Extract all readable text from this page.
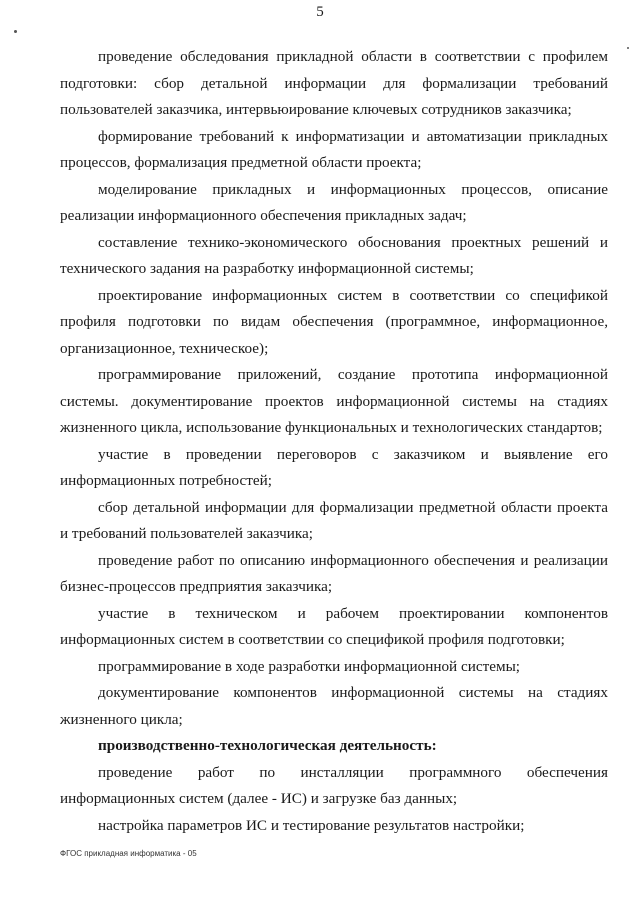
5

проведение обследования прикладной области в соответствии с профилем подготовки: сбор детальной информации для формализации требований пользователей заказчика, интервьюирование ключевых сотрудников заказчика;

формирование требований к информатизации и автоматизации прикладных процессов, формализация предметной области проекта;

моделирование прикладных и информационных процессов, описание реализации информационного обеспечения прикладных задач;

составление технико-экономического обоснования проектных решений и технического задания на разработку информационной системы;

проектирование информационных систем в соответствии со спецификой профиля подготовки по видам обеспечения (программное, информационное, организационное, техническое);

программирование приложений, создание прототипа информационной системы. документирование проектов информационной системы на стадиях жизненного цикла, использование функциональных и технологических стандартов;

участие в проведении переговоров с заказчиком и выявление его информационных потребностей;

сбор детальной информации для формализации предметной области проекта и требований пользователей заказчика;

проведение работ по описанию информационного обеспечения и реализации бизнес-процессов предприятия заказчика;

участие в техническом и рабочем проектировании компонентов информационных систем в соответствии со спецификой профиля подготовки;

программирование в ходе разработки информационной системы;

документирование компонентов информационной системы на стадиях жизненного цикла;

производственно-технологическая деятельность:

проведение работ по инсталляции программного обеспечения информационных систем (далее - ИС) и загрузке баз данных;

настройка параметров ИС и тестирование результатов настройки;

ФГОС прикладная информатика - 05
